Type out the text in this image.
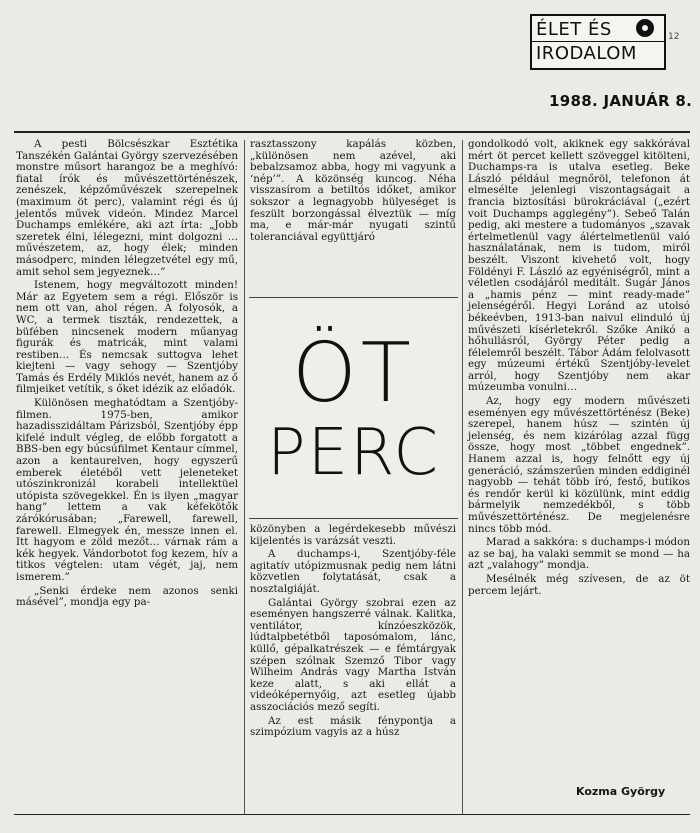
ÉLET ÉS
IRODALOM
12
1988. JANUÁR 8.

A pesti Bölcsészkar Esztétika Tanszékén Galántai György szervezésében monstre műsort harangoz be a meghívó: fiatal írók és művészettörténészek, zenészek, képzőművészek szerepelnek (maximum öt perc), valamint régi és új jelentős művek videón. Mindez Marcel Duchamps emlékére, aki azt írta: „Jobb szeretek élni, lélegezni, mint dolgozni … művészetem, az, hogy élek; minden másodperc, minden lélegzetvétel egy mű, amit sehol sem jegyeznek…”

Istenem, hogy megváltozott minden! Már az Egyetem sem a régi. Először is nem ott van, ahol régen. A folyosók, a WC, a termek tiszták, rendezettek, a büfében nincsenek modern műanyag figurák és matricák, mint valami restiben… És nemcsak suttogva lehet kiejteni — vagy sehogy — Szentjóby Tamás és Erdély Miklós nevét, hanem az ő filmjeiket vetítik, s őket idézik az előadók.

Különösen meghatódtam a Szentjóby-filmen. 1975-ben, amikor hazadisszidáltam Párizsból, Szentjóby épp kifelé indult végleg, de előbb forgatott a BBS-ben egy búcsúfilmet Kentaur címmel, azon a kentaurelven, hogy egyszerű emberek életéből vett jeleneteket utószinkronizál korabeli intellektüel utópista szövegekkel. Én is ilyen „magyar hang” lettem a vak kéfekötők zárókórusában; „Farewell, farewell, farewell. Elmegyek én, messze innen el. Itt hagyom e zöld mezőt… várnak rám a kék hegyek. Vándorbotot fog kezem, hív a titkos végtelen: utam végét, jaj, nem ismerem.”

„Senki érdeke nem azonos senki másével”, mondja egy pa-

rasztasszony kapálás közben, „különösen nem azével, aki bebalzsamoz abba, hogy mi vagyunk a ‘nép’”. A közönség kuncog. Néha visszasírom a betiltós időket, amikor sokszor a legnagyobb hülyeséget is feszült borzongással élveztük — míg ma, e már-már nyugati szintű toleranciával együttjáró

ÖT
PERC

közönyben a legérdekesebb művészi kijelentés is varázsát veszti.

A duchamps-i, Szentjóby-féle agitatív utópizmusnak pedig nem látni közvetlen folytatását, csak a nosztalgiáját.

Galántai György szobrai ezen az eseményen hangszerré válnak. Kalitka, ventilátor, kínzóeszközök, lúdtalpbetétből taposómalom, lánc, küllő, gépalkatrészek — e fémtárgyak szépen szólnak Szemző Tibor vagy Wilheim András vagy Martha István keze alatt, s aki ellát a videóképernyőig, azt esetleg újabb asszociációs mező segíti.

Az est másik fénypontja a szimpózium vagyis az a húsz

gondolkodó volt, akiknek egy sakkórával mért öt percet kellett szöveggel kitölteni, Duchamps-ra is utalva esetleg. Beke László például megnőröl, telefonon át elmesélte jelenlegi viszontagságait a francia biztosítási bürokráciával („ezért voit Duchamps agglegény”). Sebeő Talán pedig, aki mestere a tudományos „szavak értelmetlenül vagy álértelmetlenül való használatának, nem is tudom, miről beszélt. Viszont kivehető volt, hogy Földényi F. László az egyéniségről, mint a véletlen csodájáról meditált. Sugár János a „hamis pénz — mint ready-made” jelenségéről. Hegyi Loránd az utolsó békeévben, 1913-ban naivul elinduló új művészeti kísérletekről. Szőke Anikó a hőhullásról, György Péter pedig a félelemről beszélt. Tábor Ádám felolvasott egy múzeumi értékű Szentjóby-levelet arról, hogy Szentjóby nem akar múzeumba vonulni…

Az, hogy egy modern művészeti eseményen egy művészettörténész (Beke) szerepel, hanem húsz — szintén új jelenség, és nem kizárólag azzal függ össze, hogy most „többet engednek”. Hanem azzal is, hogy felnőtt egy új generáció, számszerűen minden eddiginél nagyobb — tehát több író, festő, butikos és rendőr kerül ki közülünk, mint eddig bármelyik nemzedékből, s több művészettörténész. De megjelenésre nincs több mód.

Marad a sakkóra: s duchamps-i módon az se baj, ha valaki semmit se mond — ha azt „valahogy” mondja.

Mesélnék még szívesen, de az öt percem lejárt.

Kozma György
